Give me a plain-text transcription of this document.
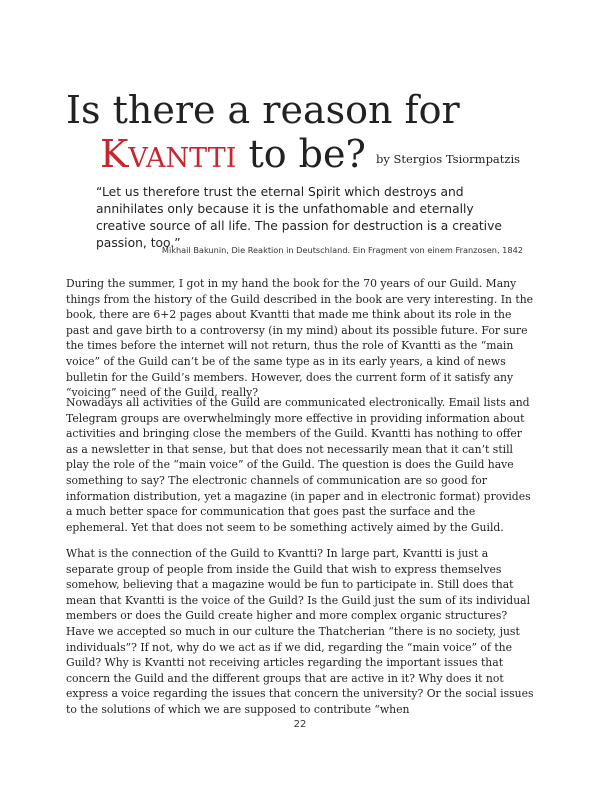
Is there a reason for
Kvantti to be? by Stergios Tsiormpatzis

“Let us therefore trust the eternal Spirit which destroys and annihilates only because it is the unfathomable and eternally creative source of all life. The passion for destruction is a creative passion, too.”

Mikhail Bakunin, Die Reaktion in Deutschland. Ein Fragment von einem Franzosen, 1842

During the summer, I got in my hand the book for the 70 years of our Guild. Many things from the history of the Guild described in the book are very interesting. In the book, there are 6+2 pages about Kvantti that made me think about its role in the past and gave birth to a controversy (in my mind) about its possible future. For sure the times before the internet will not return, thus the role of Kvantti as the “main voice” of the Guild can’t be of the same type as in its early years, a kind of news bulletin for the Guild’s members. However, does the current form of it satisfy any “voicing” need of the Guild, really?

Nowadays all activities of the Guild are communicated electronically. Email lists and Telegram groups are overwhelmingly more effective in providing information about activities and bringing close the members of the Guild. Kvantti has nothing to offer as a newsletter in that sense, but that does not necessarily mean that it can’t still play the role of the “main voice” of the Guild. The question is does the Guild have something to say? The electronic channels of communication are so good for information distribution, yet a magazine (in paper and in electronic format) provides a much better space for communication that goes past the surface and the ephemeral. Yet that does not seem to be something actively aimed by the Guild.

What is the connection of the Guild to Kvantti? In large part, Kvantti is just a separate group of people from inside the Guild that wish to express themselves somehow, believing that a magazine would be fun to participate in. Still does that mean that Kvantti is the voice of the Guild? Is the Guild just the sum of its individual members or does the Guild create higher and more complex organic structures? Have we accepted so much in our culture the Thatcherian “there is no society, just individuals”? If not, why do we act as if we did, regarding the “main voice” of the Guild? Why is Kvantti not receiving articles regarding the important issues that concern the Guild and the different groups that are active in it? Why does it not express a voice regarding the issues that concern the university? Or the social issues to the solutions of which we are supposed to contribute “when

22
